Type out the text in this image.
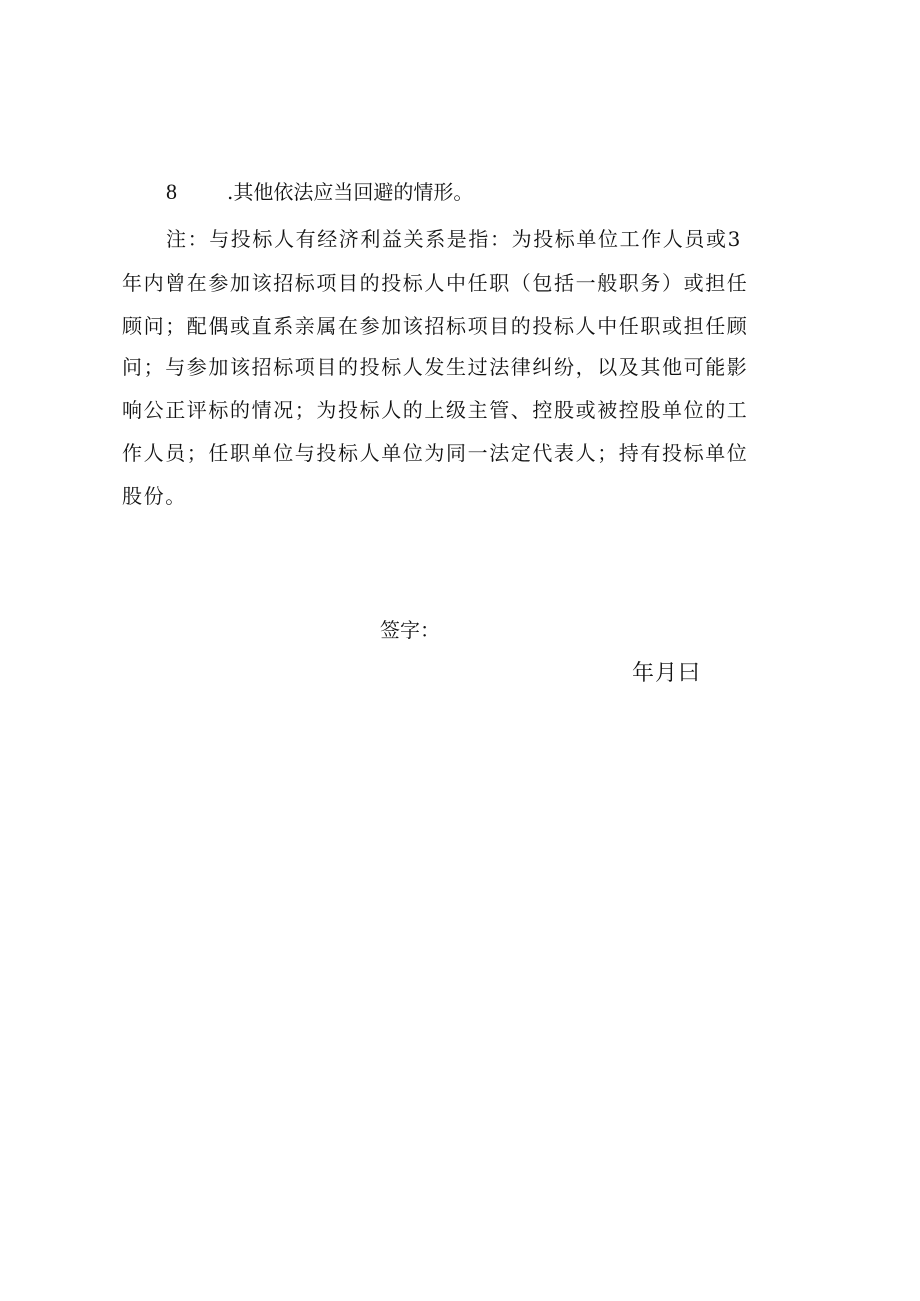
8	.其他依法应当回避的情形。
注：与投标人有经济利益关系是指：为投标单位工作人员或3
年内曾在参加该招标项目的投标人中任职（包括一般职务）或担任
顾问；配偶或直系亲属在参加该招标项目的投标人中任职或担任顾
问；与参加该招标项目的投标人发生过法律纠纷，以及其他可能影
响公正评标的情况；为投标人的上级主管、控股或被控股单位的工
作人员；任职单位与投标人单位为同一法定代表人；持有投标单位
股份。
签字：
年月曰
